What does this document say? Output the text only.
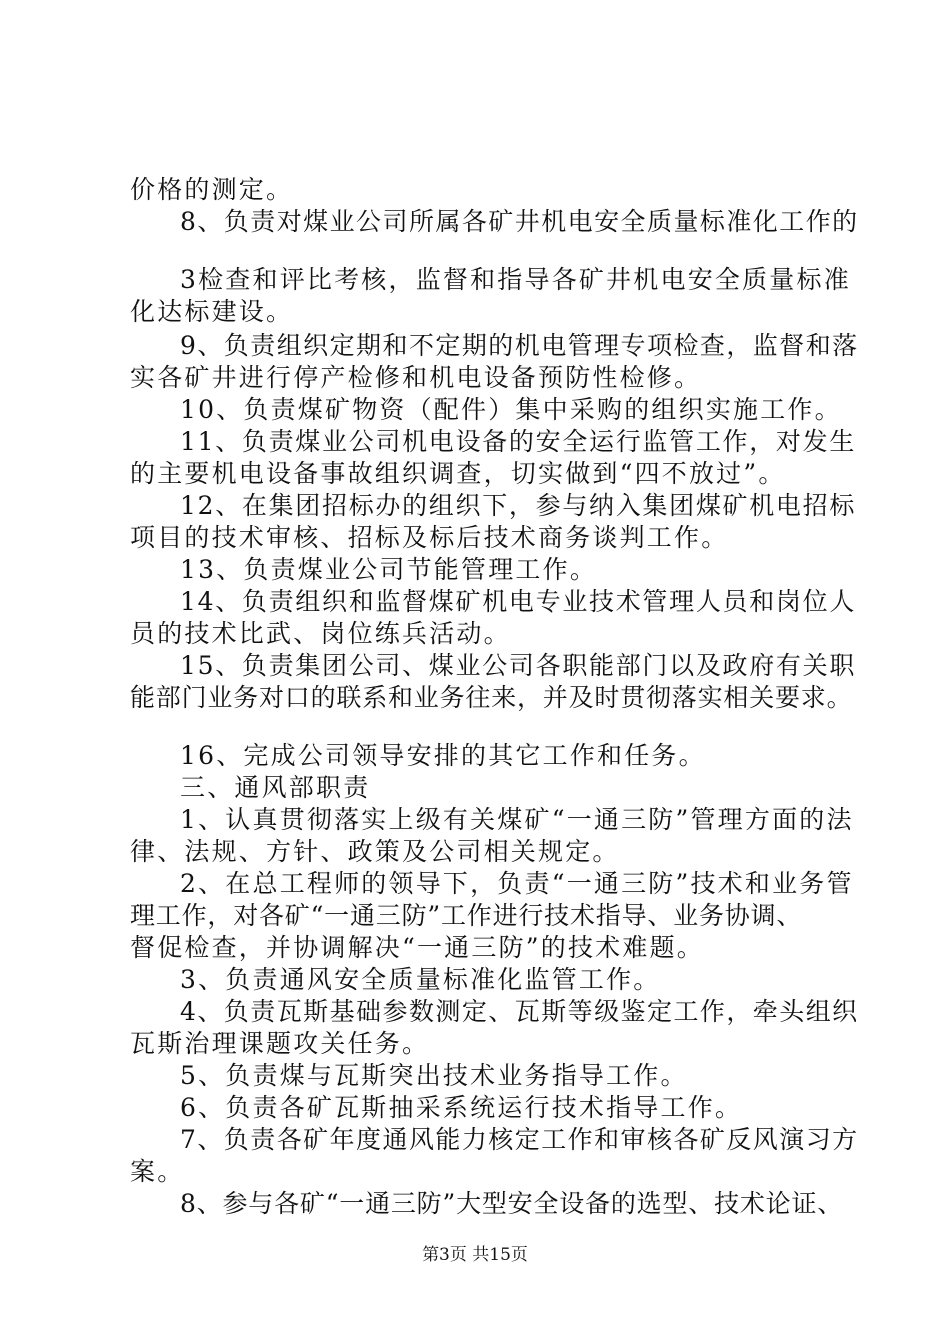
价格的测定。
8、负责对煤业公司所属各矿井机电安全质量标准化工作的
3检查和评比考核，监督和指导各矿井机电安全质量标准
化达标建设。
9、负责组织定期和不定期的机电管理专项检查，监督和落
实各矿井进行停产检修和机电设备预防性检修。
10、负责煤矿物资（配件）集中采购的组织实施工作。
11、负责煤业公司机电设备的安全运行监管工作，对发生
的主要机电设备事故组织调查，切实做到“四不放过”。
12、在集团招标办的组织下，参与纳入集团煤矿机电招标
项目的技术审核、招标及标后技术商务谈判工作。
13、负责煤业公司节能管理工作。
14、负责组织和监督煤矿机电专业技术管理人员和岗位人
员的技术比武、岗位练兵活动。
15、负责集团公司、煤业公司各职能部门以及政府有关职
能部门业务对口的联系和业务往来，并及时贯彻落实相关要求。
16、完成公司领导安排的其它工作和任务。
三、通风部职责
1、认真贯彻落实上级有关煤矿“一通三防”管理方面的法
律、法规、方针、政策及公司相关规定。
2、在总工程师的领导下，负责“一通三防”技术和业务管
理工作，对各矿“一通三防”工作进行技术指导、业务协调、
督促检查，并协调解决“一通三防”的技术难题。
3、负责通风安全质量标准化监管工作。
4、负责瓦斯基础参数测定、瓦斯等级鉴定工作，牵头组织
瓦斯治理课题攻关任务。
5、负责煤与瓦斯突出技术业务指导工作。
6、负责各矿瓦斯抽采系统运行技术指导工作。
7、负责各矿年度通风能力核定工作和审核各矿反风演习方
案。
8、参与各矿“一通三防”大型安全设备的选型、技术论证、
第3页 共15页
